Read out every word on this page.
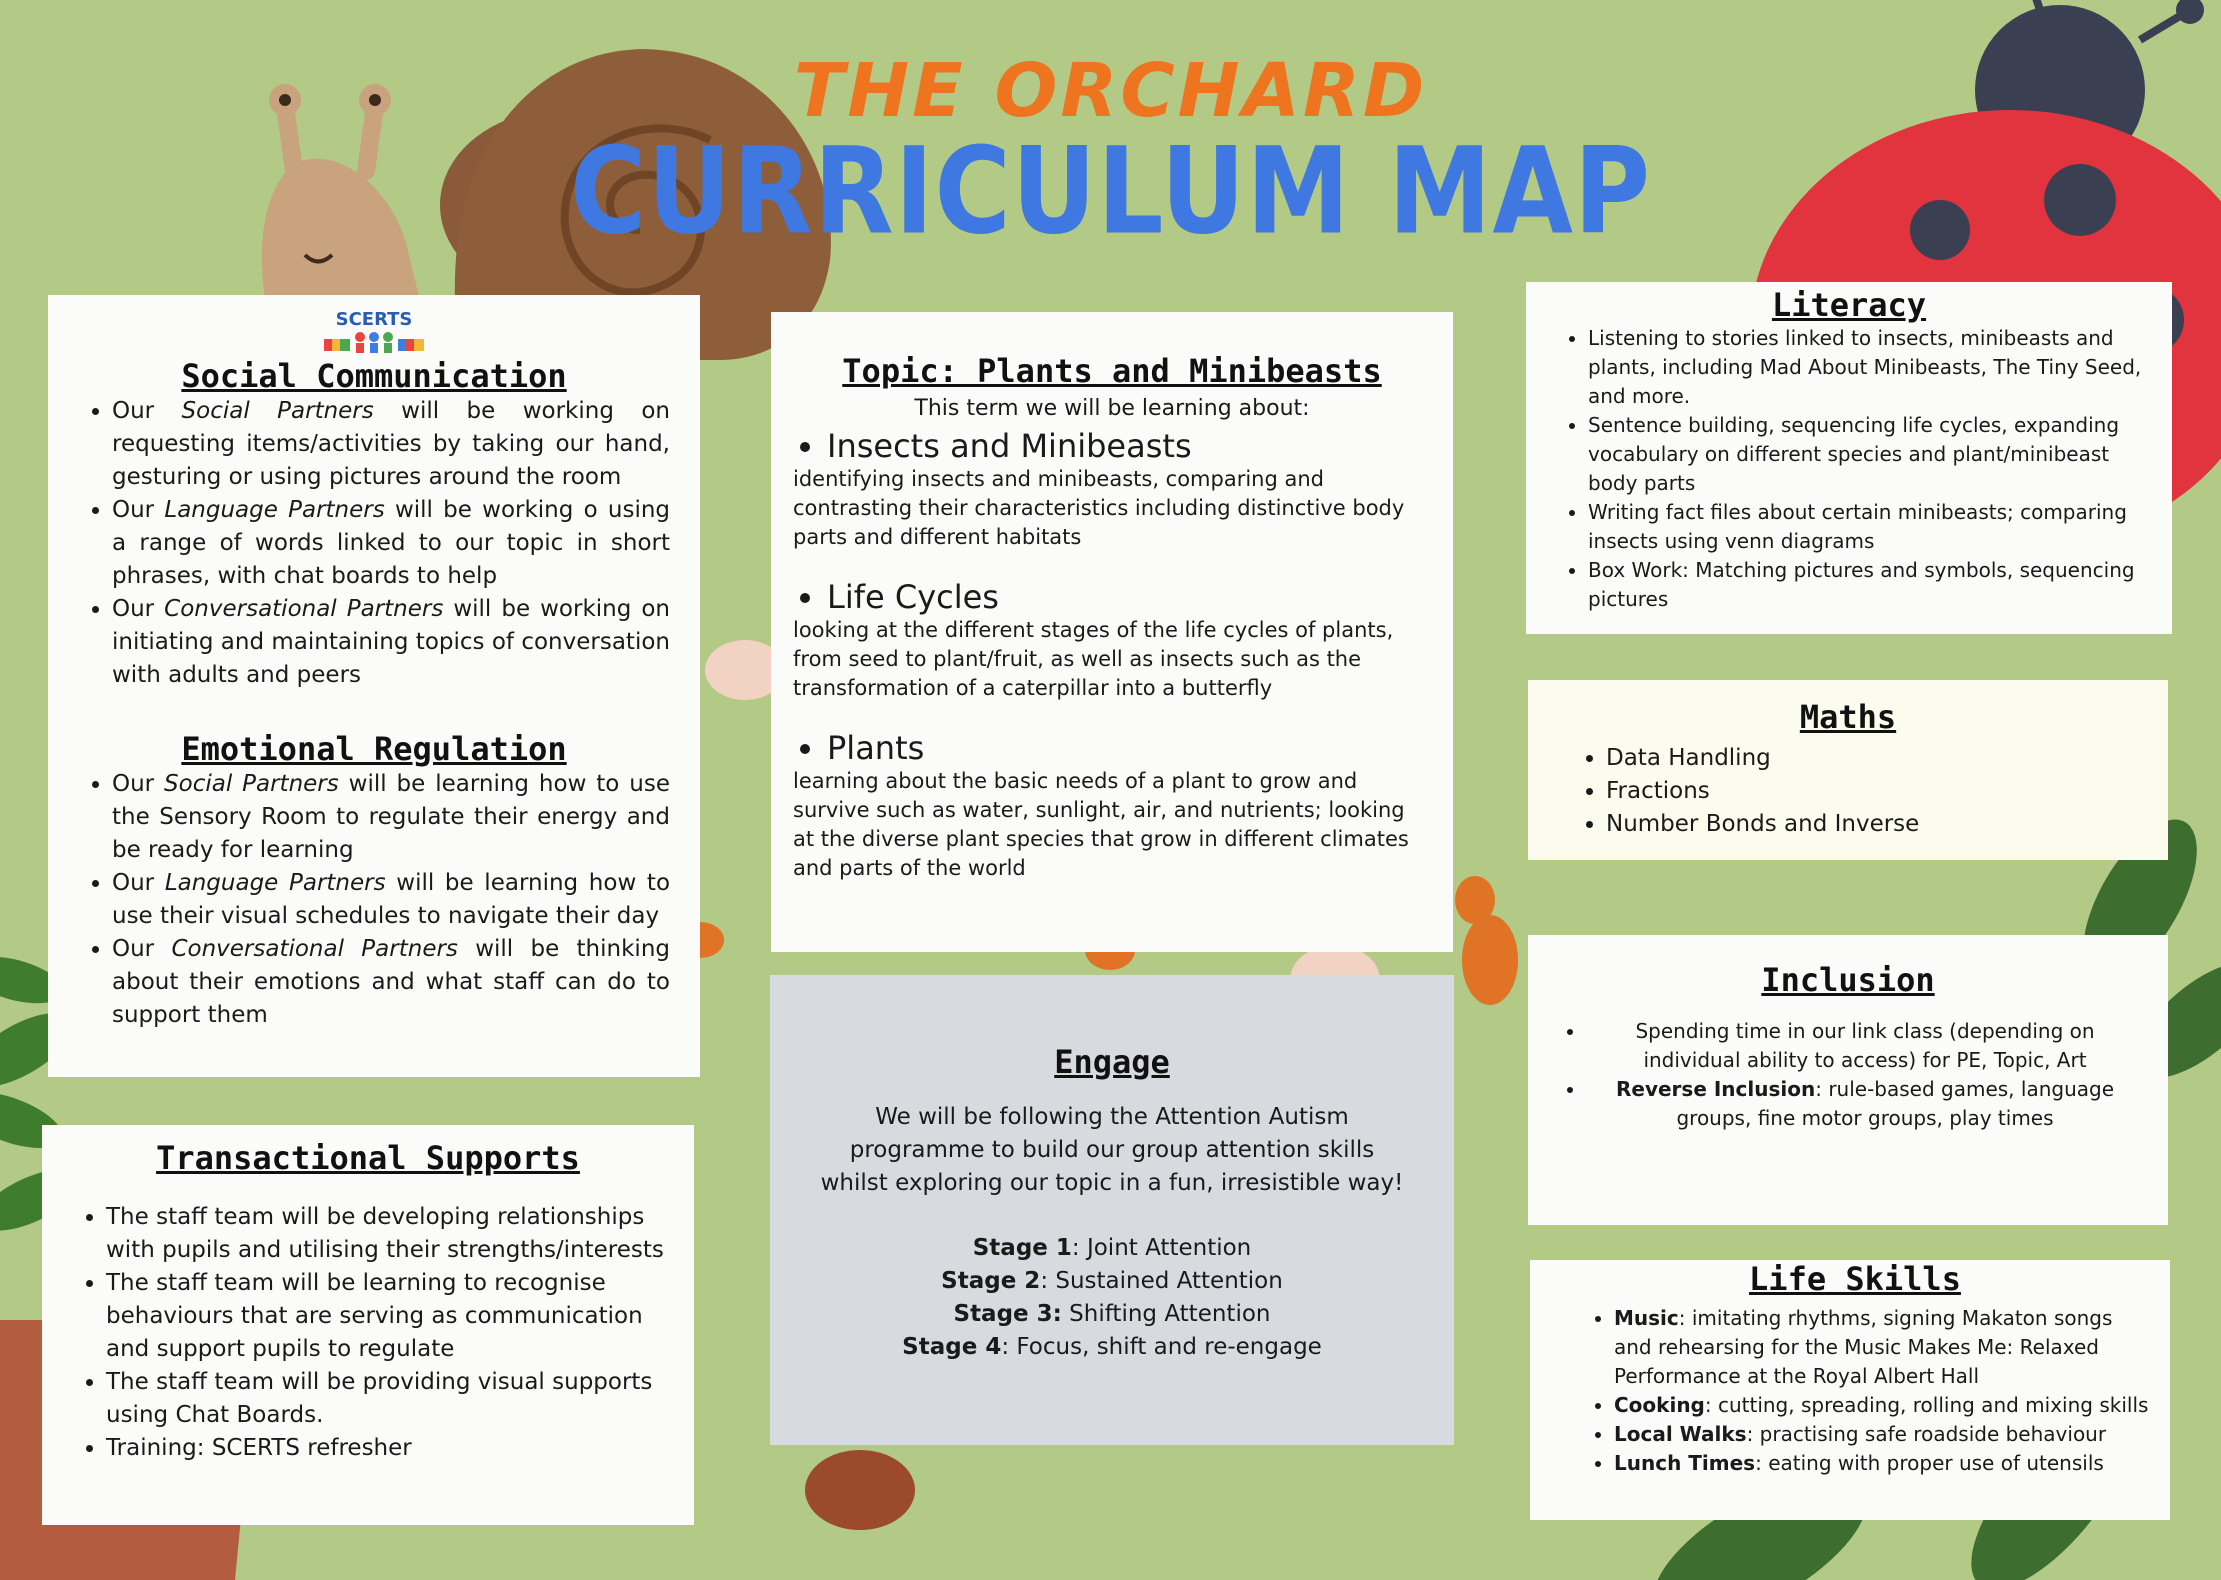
THE ORCHARD
CURRICULUM MAP
SCERTS
Social Communication
• Our Social Partners will be working on requesting items/activities by taking our hand, gesturing or using pictures around the room
• Our Language Partners will be working o using a range of words linked to our topic in short phrases, with chat boards to help
• Our Conversational Partners will be working on initiating and maintaining topics of conversation with adults and peers
Emotional Regulation
• Our Social Partners will be learning how to use the Sensory Room to regulate their energy and be ready for learning
• Our Language Partners will be learning how to use their visual schedules to navigate their day
• Our Conversational Partners will be thinking about their emotions and what staff can do to support them
Transactional Supports
• The staff team will be developing relationships with pupils and utilising their strengths/interests
• The staff team will be learning to recognise behaviours that are serving as communication and support pupils to regulate
• The staff team will be providing visual supports using Chat Boards.
• Training: SCERTS refresher
Topic: Plants and Minibeasts
This term we will be learning about:
• Insects and Minibeasts
identifying insects and minibeasts, comparing and contrasting their characteristics including distinctive body parts and different habitats
• Life Cycles
looking at the different stages of the life cycles of plants, from seed to plant/fruit, as well as insects such as the transformation of a caterpillar into a butterfly
• Plants
learning about the basic needs of a plant to grow and survive such as water, sunlight, air, and nutrients; looking at the diverse plant species that grow in different climates and parts of the world
Engage
We will be following the Attention Autism programme to build our group attention skills whilst exploring our topic in a fun, irresistible way!
Stage 1: Joint Attention
Stage 2: Sustained Attention
Stage 3: Shifting Attention
Stage 4: Focus, shift and re-engage
Literacy
• Listening to stories linked to insects, minibeasts and plants, including Mad About Minibeasts, The Tiny Seed, and more.
• Sentence building, sequencing life cycles, expanding vocabulary on different species and plant/minibeast body parts
• Writing fact files about certain minibeasts; comparing insects using venn diagrams
• Box Work: Matching pictures and symbols, sequencing pictures
Maths
• Data Handling
• Fractions
• Number Bonds and Inverse
Inclusion
• Spending time in our link class (depending on individual ability to access) for PE, Topic, Art
• Reverse Inclusion: rule-based games, language groups, fine motor groups, play times
Life Skills
• Music: imitating rhythms, signing Makaton songs and rehearsing for the Music Makes Me: Relaxed Performance at the Royal Albert Hall
• Cooking: cutting, spreading, rolling and mixing skills
• Local Walks: practising safe roadside behaviour
• Lunch Times: eating with proper use of utensils
